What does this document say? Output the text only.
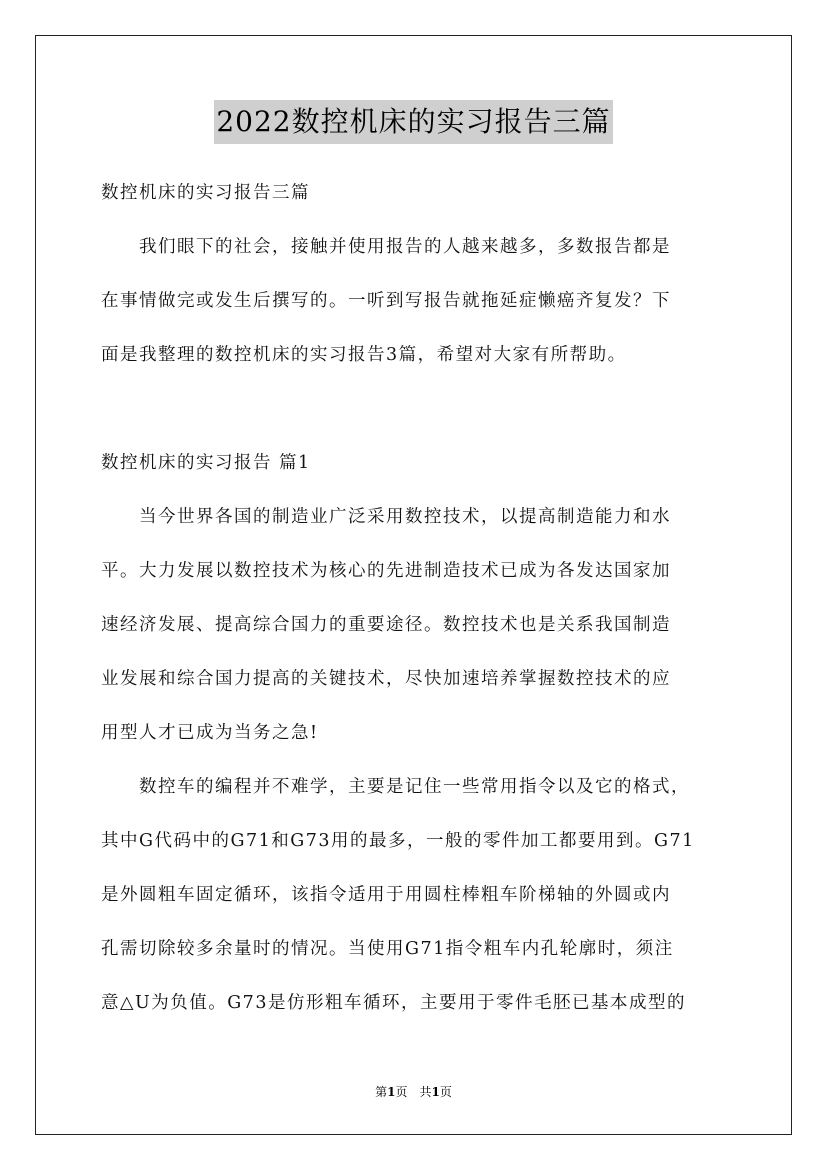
2022数控机床的实习报告三篇

数控机床的实习报告三篇

　　我们眼下的社会，接触并使用报告的人越来越多，多数报告都是

在事情做完或发生后撰写的。一听到写报告就拖延症懒癌齐复发？下

面是我整理的数控机床的实习报告3篇，希望对大家有所帮助。

数控机床的实习报告 篇1

　　当今世界各国的制造业广泛采用数控技术，以提高制造能力和水

平。大力发展以数控技术为核心的先进制造技术已成为各发达国家加

速经济发展、提高综合国力的重要途径。数控技术也是关系我国制造

业发展和综合国力提高的关键技术，尽快加速培养掌握数控技术的应

用型人才已成为当务之急!

　　数控车的编程并不难学，主要是记住一些常用指令以及它的格式，

其中G代码中的G71和G73用的最多，一般的零件加工都要用到。G71

是外圆粗车固定循环，该指令适用于用圆柱棒粗车阶梯轴的外圆或内

孔需切除较多余量时的情况。当使用G71指令粗车内孔轮廓时，须注

意△U为负值。G73是仿形粗车循环，主要用于零件毛胚已基本成型的

第1页　共1页
